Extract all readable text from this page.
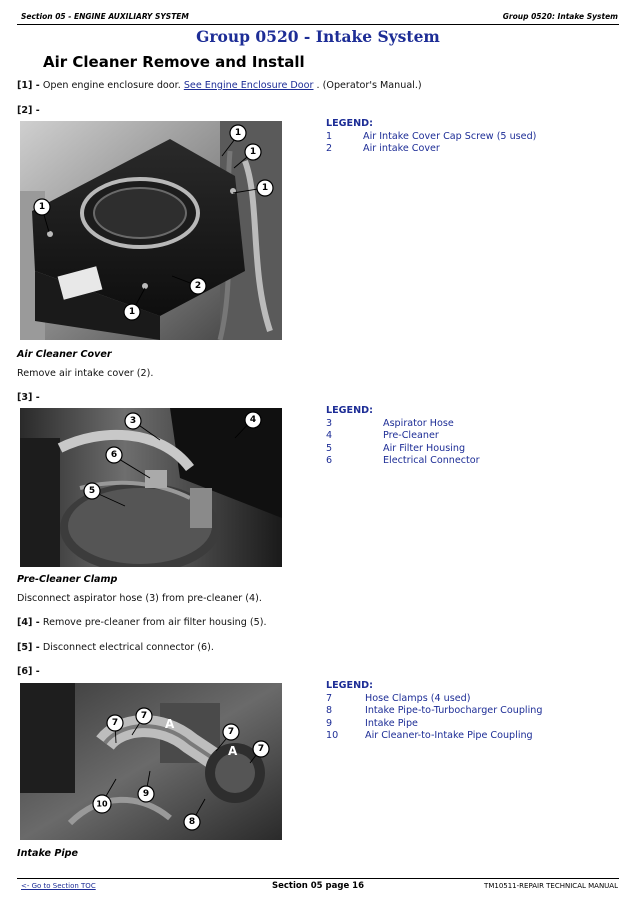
Section 05 - ENGINE AUXILIARY SYSTEM	Group 0520: Intake System
Group 0520 - Intake System
Air Cleaner Remove and Install
[1] - Open engine enclosure door. See Engine Enclosure Door . (Operator's Manual.)
[2] -
1
1
1
1
2
1
LEGEND:
1	Air Intake Cover Cap Screw (5 used)
2	Air intake Cover
Air Cleaner Cover
Remove air intake cover (2).
[3] -
3	4
6
5
LEGEND:
3	Aspirator Hose
4	Pre-Cleaner
5	Air Filter Housing
6	Electrical Connector
Pre-Cleaner Clamp
Disconnect aspirator hose (3) from pre-cleaner (4).
[4] - Remove pre-cleaner from air filter housing (5).
[5] - Disconnect electrical connector (6).
[6] -
A
A
7
7
7
7
10
9
8
LEGEND:
7	Hose Clamps (4 used)
8	Intake Pipe-to-Turbocharger Coupling
9	Intake Pipe
10	Air Cleaner-to-Intake Pipe Coupling
Intake Pipe
<- Go to Section TOC	Section 05 page 16	TM10511-REPAIR TECHNICAL MANUAL
